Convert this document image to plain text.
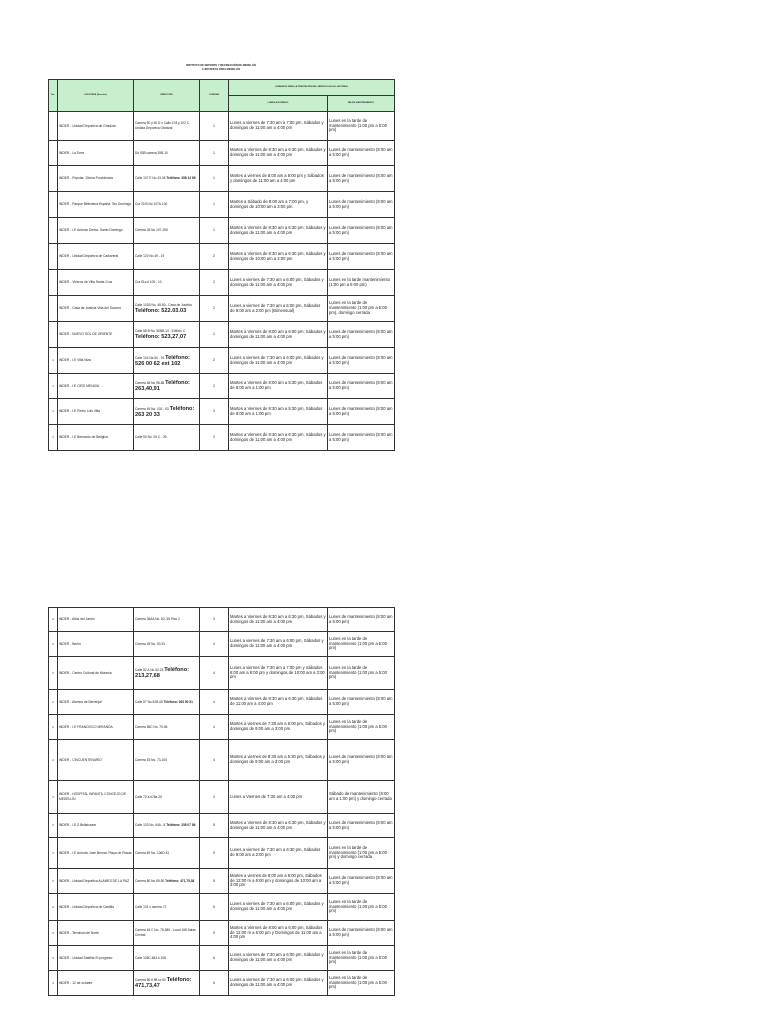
INSTITUTO DE DEPORTE Y RECREACIÓN DE MEDELLÍN
LUDOTEKAS PARA MEDELLÍN
No.	LUDOTEKA (Sección)	DIRECCIÓN	COMUNA	HORARIOS PARA LA PRESTACIÓN DEL SERVICIO EN LA LUDOTEKA	
				LUNES A DOMINGO	DÍA DE MANTENIMIENTO
	INDER - Unidad Deportiva de Granizal	Carrera 50 y 50 D x Calle 103 y 102 C. Unidad Deportiva Granizal	1	Lunes a viernes de 7:30 am a 7:00 pm, Sábados y domingos de 11:00 am a 4:00 pm	Lunes en la tarde de mantenimiento (1:00 pm a 5:00 pm)
	INDER - La Torre	Dir 53B carrera 39B-10	1	Martes a Viernes de 8:30 am a 6:30 pm, Sábados y domingos de 11:00 am a 4:00 pm	Lunes de mantenimiento (8:00 am a 5:00 pm)
	INDER - Popular- Divina Providencia	Calle 107 E No 43-36 Teléfono: 358 12 89	1	Martes a viernes de 8:00 am a 6:00 pm y Sábados y domingos de 11:00 am a 4:00 pm	Lunes de mantenimiento (8:00 am a 5:00 pm)
	INDER - Parque Biblioteca España- Sto Domingo	Cra 33 B No 107A-100	1	Martes a Sábado de 8:00 am a 7:00 pm, y domingos de 10:00 am a 3:00 pm.	Lunes de mantenimiento (8:00 am a 5:00 pm)
	INDER - I.E Antonio Derka- Santo Domingo	Carrera 28 No 107-295	1	Martes a Viernes de 8:30 am a 6:30 pm, Sábados y domingos de 11:00 am a 4:00 pm	Lunes de mantenimiento (8:00 am a 5:00 pm)
	INDER - Unidad Deportiva de Cañaveral	Calle 120 No 49 - 19	2	Martes a Viernes de 8:30 am a 6:30 pm, Sábados y domingos de 10:00 am a 3:00 pm	Lunes de mantenimiento (8:00 am a 5:00 pm)
	INDER - Viveros de Villa Santa Cruz	Cra 51a # 100 - 10	2	Lunes a viernes de 7:30 am a 6:00 pm, Sábados y domingos de 11:00 am a 4:00 pm	Lunes en la tarde mantenimiento (1:00 pm a 5:00 pm)
	INDER - Casa de Justicia Villa del Socorro	Calle 101B No. 48-80 - Casa de Justicia Teléfono: 522.03.03	2	Lunes a viernes de 7:30 am a 5:00 pm, Sábados de 8:00 am a 2:00 pm (Bimensual)	Lunes en la tarde de mantenimiento (1:00 pm a 5:00 pm), domingo cerrada
	INDER - NUEVO SOL DE ORIENTE	Calle 58 B No. 50BB-10 - Edificio C Teléfono: 523,27,07	2	Martes a Viernes de 8:00 am a 6:00 pm, Sábados y domingos de 11:00 am a 4:00 pm	Lunes de mantenimiento (8:00 am a 5:00 pm)
1	INDER - I.E Villa Niza	Calle 104 Na 50 - 91 Teléfono: 526 00 62 ext 102	2	Lunes a viernes de 7:30 am a 6:00 pm, Sábados y domingos de 11:00 am a 4:00 pm	Lunes de mantenimiento (8:00 am a 5:00 pm)
1	INDER - I.E CIRO MENDIA	Carrera 48 No 98-88 Teléfono: 263,40,91	2	Martes a Viernes de 8:00 am a 5:30 pm, Sábados de 8:00 am a 1:00 pm	Lunes de mantenimiento (8:00 am a 5:00 pm)
1	INDER - I.E Pedro Luis Villa	Carrera 49 No. 102 - 93 Teléfono: 263 20 33	3	Martes a Viernes de 8:30 am a 5:30 pm, Sábados de 8:00 am a 1:00 pm	Lunes de mantenimiento (8:00 am a 5:00 pm)
1	INDER - I.E Bernardo de Bellgica	Calle 90 No. 26 C - 39	3	Martes a Viernes de 8:30 am a 6:30 pm, Sábados y domingos de 11:00 am a 4:00 pm	Lunes de mantenimiento (8:00 am a 5:00 pm)
2	INDER - Altos del Jardín	Carrera 36AA No. 82- 55 Piso 2	3	Martes a Viernes de 8:30 am a 6:30 pm, Sábados y domingos de 11:00 am a 4:00 pm	Lunes de mantenimiento (8:00 am a 5:00 pm)
2	INDER - Berlín	Carrera 45 No. 90-51	4	Lunes a viernes de 7:30 am a 6:00 pm, Sábados y domingos de 11:00 am a 4:00 pm	Lunes en la tarde de mantenimiento (1:00 pm a 5:00 pm)
2	INDER - Centro Cultural de Moravia	Calle 82 A No 52-25 Teléfono: 213,27,68	4	Lunes a viernes de 7:30 am a 7:00 pm y Sábados 9:00 am a 6:00 pm y domingos de 10:00 am a 3:00 pm	Lunes en la tarde de mantenimiento (1:00 pm a 5:00 pm)
2	INDER - Alamos de Berrenjal	Calle 87 No 52B-06 Teléfono: 263 90 51	4	Martes a Viernes de 8:30 am a 6:30 pm, Sábados de 11:00 am a 4:00 pm	Lunes de mantenimiento (8:00 am a 5:00 pm)
2	INDER - I.E FRANCISCO MIRANDA	Carrera 55C No. 79-56	4	Martes a viernes de 7:30 am a 6:00 pm, Sábados y domingos de 9:00 am a 3:00 pm	Lunes en la tarde de mantenimiento (1:00 pm a 5:00 pm)
2	INDER - CINCUENTENARIO	Carrera 53 No. 73-105	4	Martes a viernes de 8:30 am a 5:30 pm, Sábados y domingos de 9:00 am a 3:00 pm	Lunes de mantenimiento (8:00 am a 5:00 pm)
2	INDER - HOSPITAL INFANTIL CONCEJO DE MEDELLÍN	Calle 72 a #78a-25	4	Lunes a Viernes de 7:30 am a 4:00 pm	Sábado de mantenimiento (8:00 am a 1:00 pm) y domingo cerrada
2	INDER - I.E.Z Bellalcazar	Calle 103 No. 64A - 8 Teléfono: 238 07 89	5	Martes a Viernes de 8:30 am a 6:30 pm, Sábados y domingos de 11:00 am a 4:00 pm	Lunes de mantenimiento (8:00 am a 5:00 pm)
2	INDER - I.E Antonio José Bernal- Playa de Rosas	Carrera 69 No. 106D-51	5	Lunes a viernes de 7:30 am a 6:30 pm, Sábados de 8:00 am a 2:00 pm	Lunes en la tarde de mantenimiento (1:00 pm a 5:00 pm) y domingo cerrada
2	INDER - Unidad Deportiva ALAMES DE LA PAZ	Carrera 80 No 89-50 Teléfono: 471,75,38	5	Martes a viernes de 8:00 am a 6:00 pm, Sábados de 12:00 m a 6:00 pm y domingos de 10:00 am a 3:00 pm	Lunes de mantenimiento (8:00 am a 5:00 pm)
2	INDER - Unidad Deportiva de Castilla	Calle 101 x carrera 72	5	Lunes a viernes de 7:30 am a 6:00 pm, Sábados y domingos de 11:00 am a 4:00 pm	Lunes en la tarde de mantenimiento (1:00 pm a 5:00 pm)
3	INDER - Terminal del Norte	Carrera 64 C No. 78-580 - Local 168 Salas Central	5	Martes a Viernes de 8:00 am a 6:00 pm, Sábados de 12:00 m a 6:00 pm y Domingos de 11:00 am a 4:00 pm	Lunes de mantenimiento (8:00 am a 5:00 pm)
3	INDER - Unidad Satélite El progreso	Calle 108C #83 A 108	6	Lunes a viernes de 7:30 am a 6:00 pm, Sábados y domingos de 11:00 am a 4:00 pm	Lunes en la tarde de mantenimiento (1:00 pm a 5:00 pm)
3	INDER - 12 de octubre	Carrera 80 # 98 cc 50 Teléfono: 471,73,47	6	Lunes a viernes de 7:30 am a 6:00 pm, Sábados y domingos de 11:00 am a 4:00 pm	Lunes en la tarde de mantenimiento (1:00 pm a 5:00 pm)
